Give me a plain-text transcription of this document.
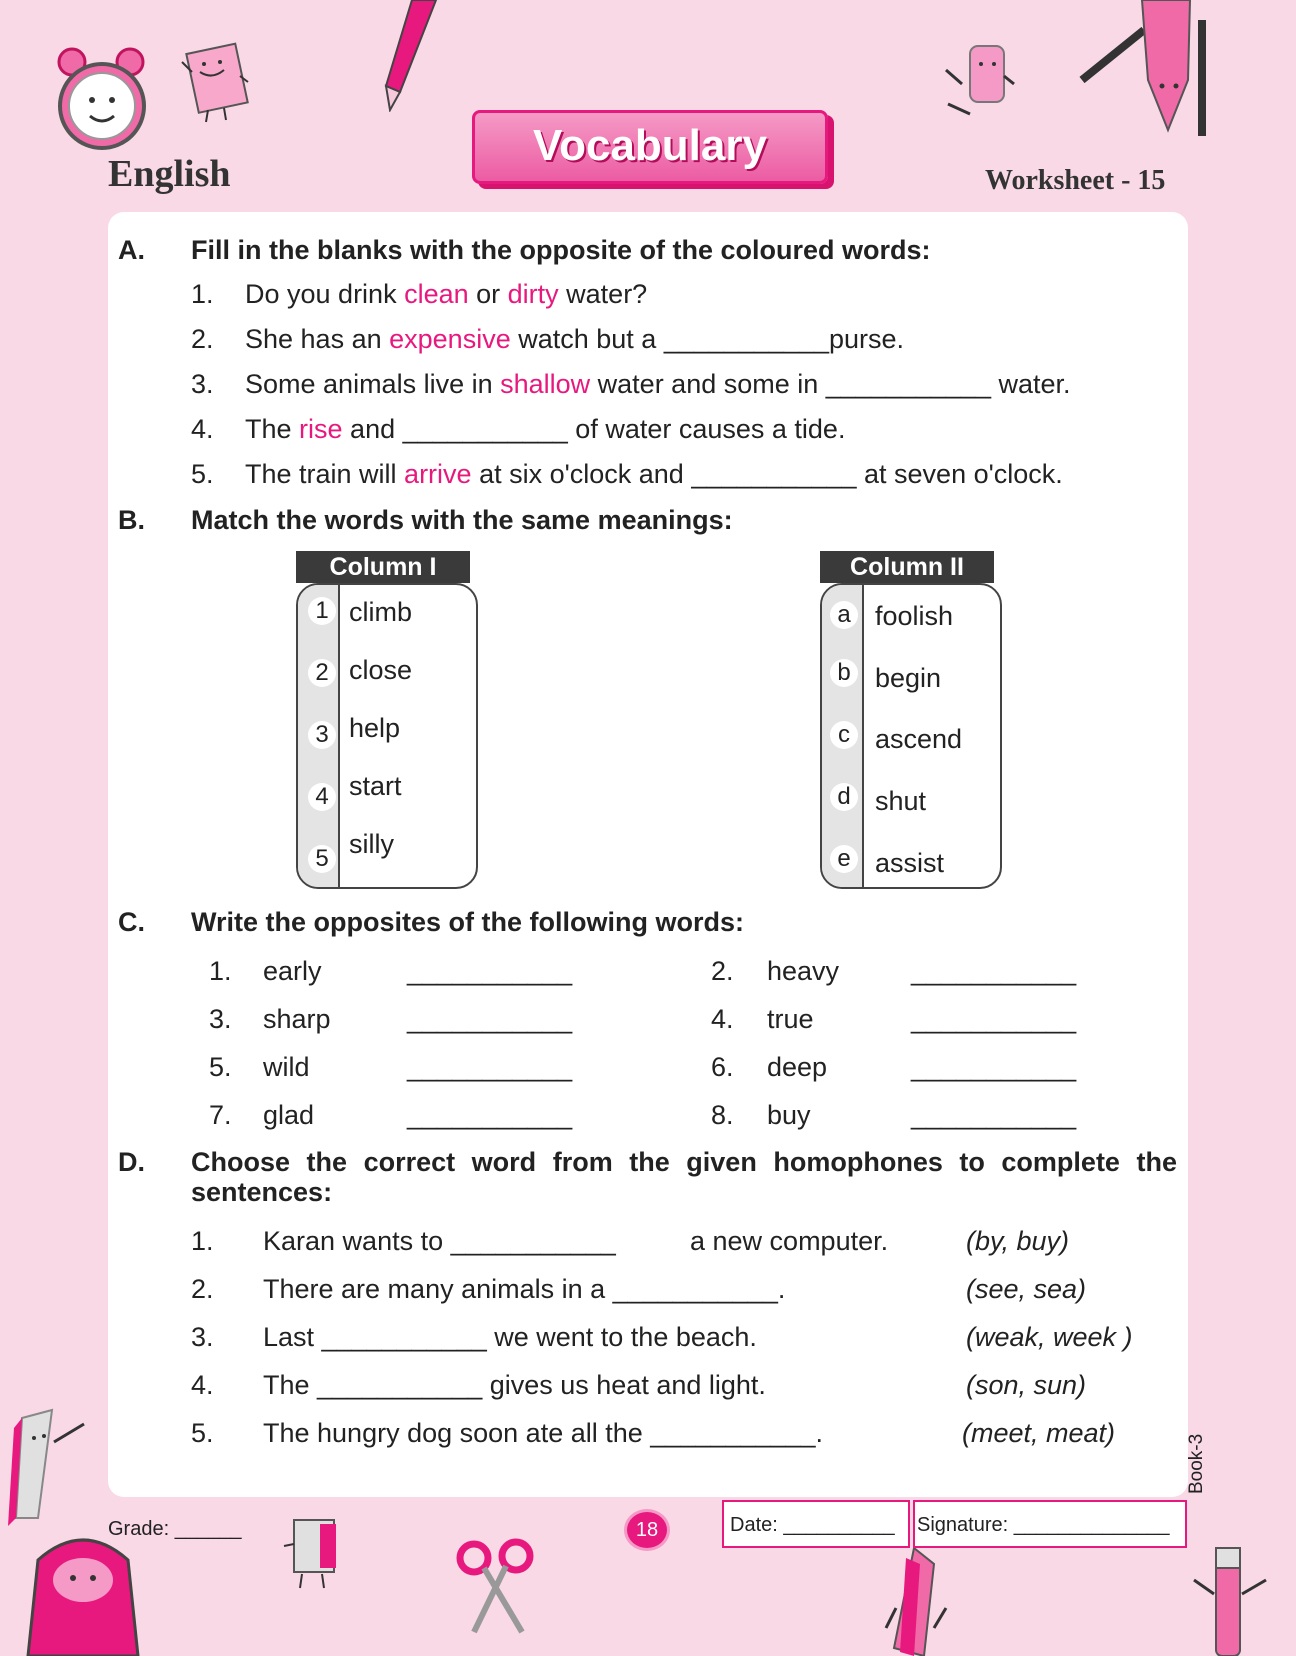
English
Vocabulary
Worksheet - 15
A. Fill in the blanks with the opposite of the coloured words:
1. Do you drink clean or dirty water?
2. She has an expensive watch but a ___________purse.
3. Some animals live in shallow water and some in ___________ water.
4. The rise and ___________ of water causes a tide.
5. The train will arrive at six o'clock and ___________ at seven o'clock.
B. Match the words with the same meanings:
Column I
1 climb
2 close
3 help
4 start
5 silly
Column II
a foolish
b begin
c ascend
d shut
e assist
C. Write the opposites of the following words:
1. early	___________	2. heavy	___________
3. sharp	___________	4. true	___________
5. wild	___________	6. deep	___________
7. glad	___________	8. buy	___________
D. Choose the correct word from the given homophones to complete the
sentences:
1. Karan wants to ___________	a new computer.	(by, buy)
2. There are many animals in a ___________.	(see, sea)
3. Last ___________ we went to the beach.	(weak, week )
4. The ___________ gives us heat and light.	(son, sun)
5. The hungry dog soon ate all the ___________.	(meet, meat)
Book-3
Grade: ______	18	Date: __________	Signature: ______________
